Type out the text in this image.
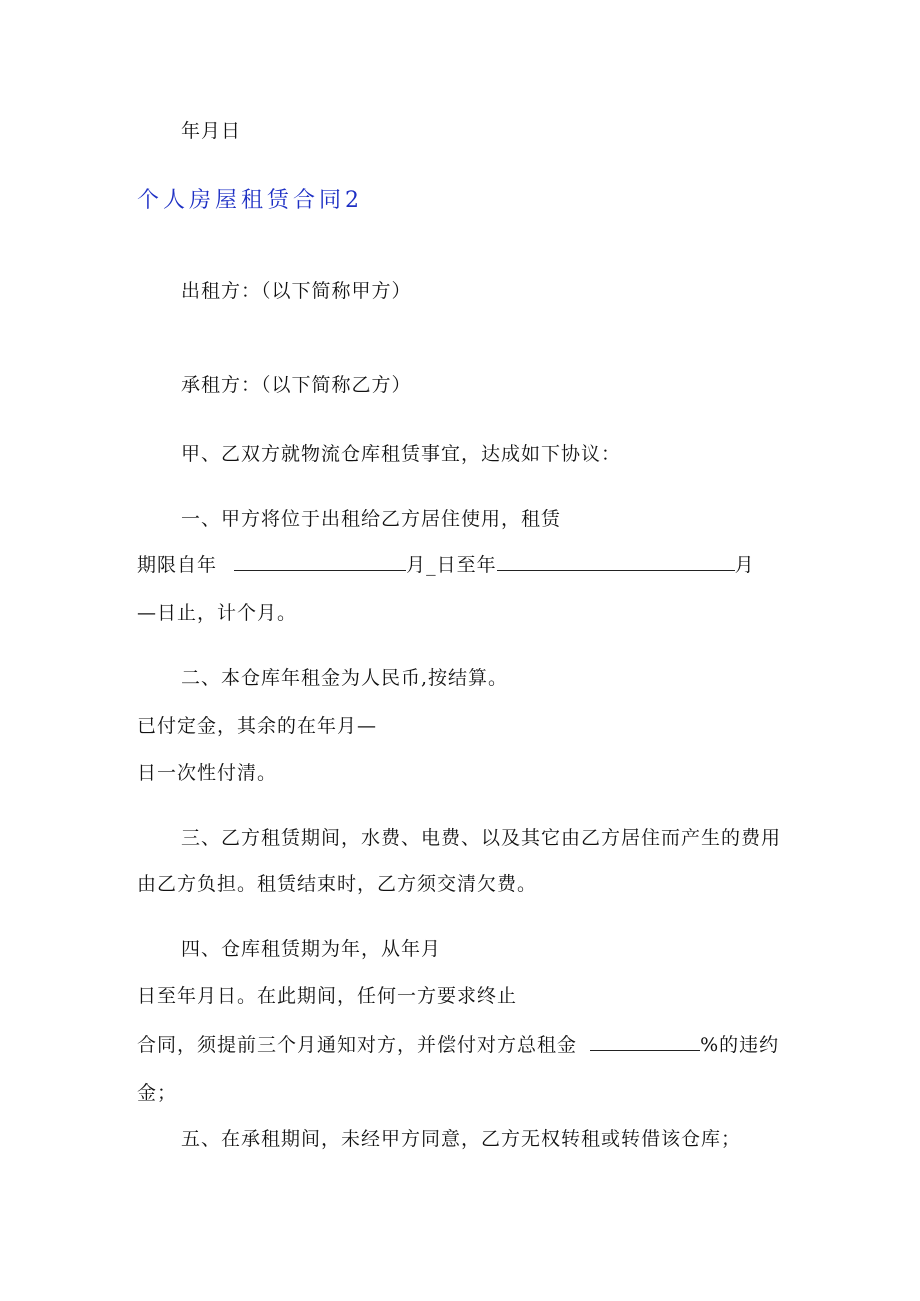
年月日
个人房屋租赁合同2
出租方：（以下简称甲方）
承租方：（以下简称乙方）
甲、乙双方就物流仓库租赁事宜，达成如下协议：
一、甲方将位于出租给乙方居住使用，租赁
期限自年	月_日至年	月
—日止，计个月。
二、本仓库年租金为人民币,按结算。
已付定金，其余的在年月—
日一次性付清。
三、乙方租赁期间，水费、电费、以及其它由乙方居住而产生的费用
由乙方负担。租赁结束时，乙方须交清欠费。
四、仓库租赁期为年，从年月
日至年月日。在此期间，任何一方要求终止
合同，须提前三个月通知对方，并偿付对方总租金	%的违约
金；
五、在承租期间，未经甲方同意，乙方无权转租或转借该仓库；
